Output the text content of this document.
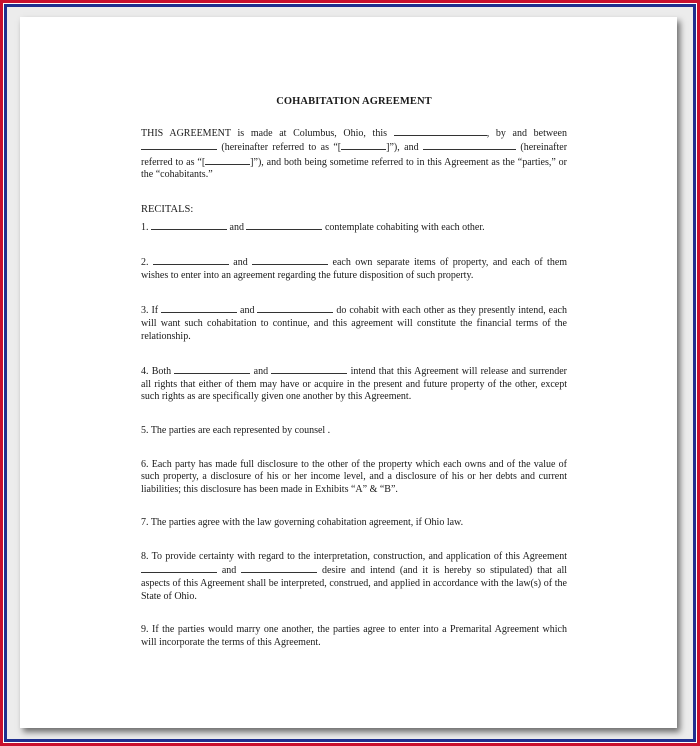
COHABITATION AGREEMENT

THIS AGREEMENT is made at Columbus, Ohio, this	, by and between  (hereinafter referred to as “[	]”), and	(hereinafter referred to as “[	]”), and both being sometime referred to in this Agreement as the “parties,” or the “cohabitants.”

RECITALS:

1.	and	contemplate cohabiting with each other.

2.	and	each own separate items of property, and each of them wishes to enter into an agreement regarding the future disposition of such property.

3. If	and	do cohabit with each other as they presently intend, each will want such cohabitation to continue, and this agreement will constitute the financial terms of the relationship.

4. Both	and	intend that this Agreement will release and surrender all rights that either of them may have or acquire in the present and future property of the other, except such rights as are specifically given one another by this Agreement.

5. The parties are each represented by counsel .

6. Each party has made full disclosure to the other of the property which each owns and of the value of such property, a disclosure of his or her income level, and a disclosure of his or her debts and current liabilities; this disclosure has been made in Exhibits “A” & “B”.

7. The parties agree with the law governing cohabitation agreement, if Ohio law.

8. To provide certainty with regard to the interpretation, construction, and application of this Agreement  and	desire and intend (and it is hereby so stipulated) that all aspects of this Agreement shall be interpreted, construed, and applied in accordance with the law(s) of the State of Ohio.

9. If the parties would marry one another, the parties agree to enter into a Premarital Agreement which will incorporate the terms of this Agreement.
